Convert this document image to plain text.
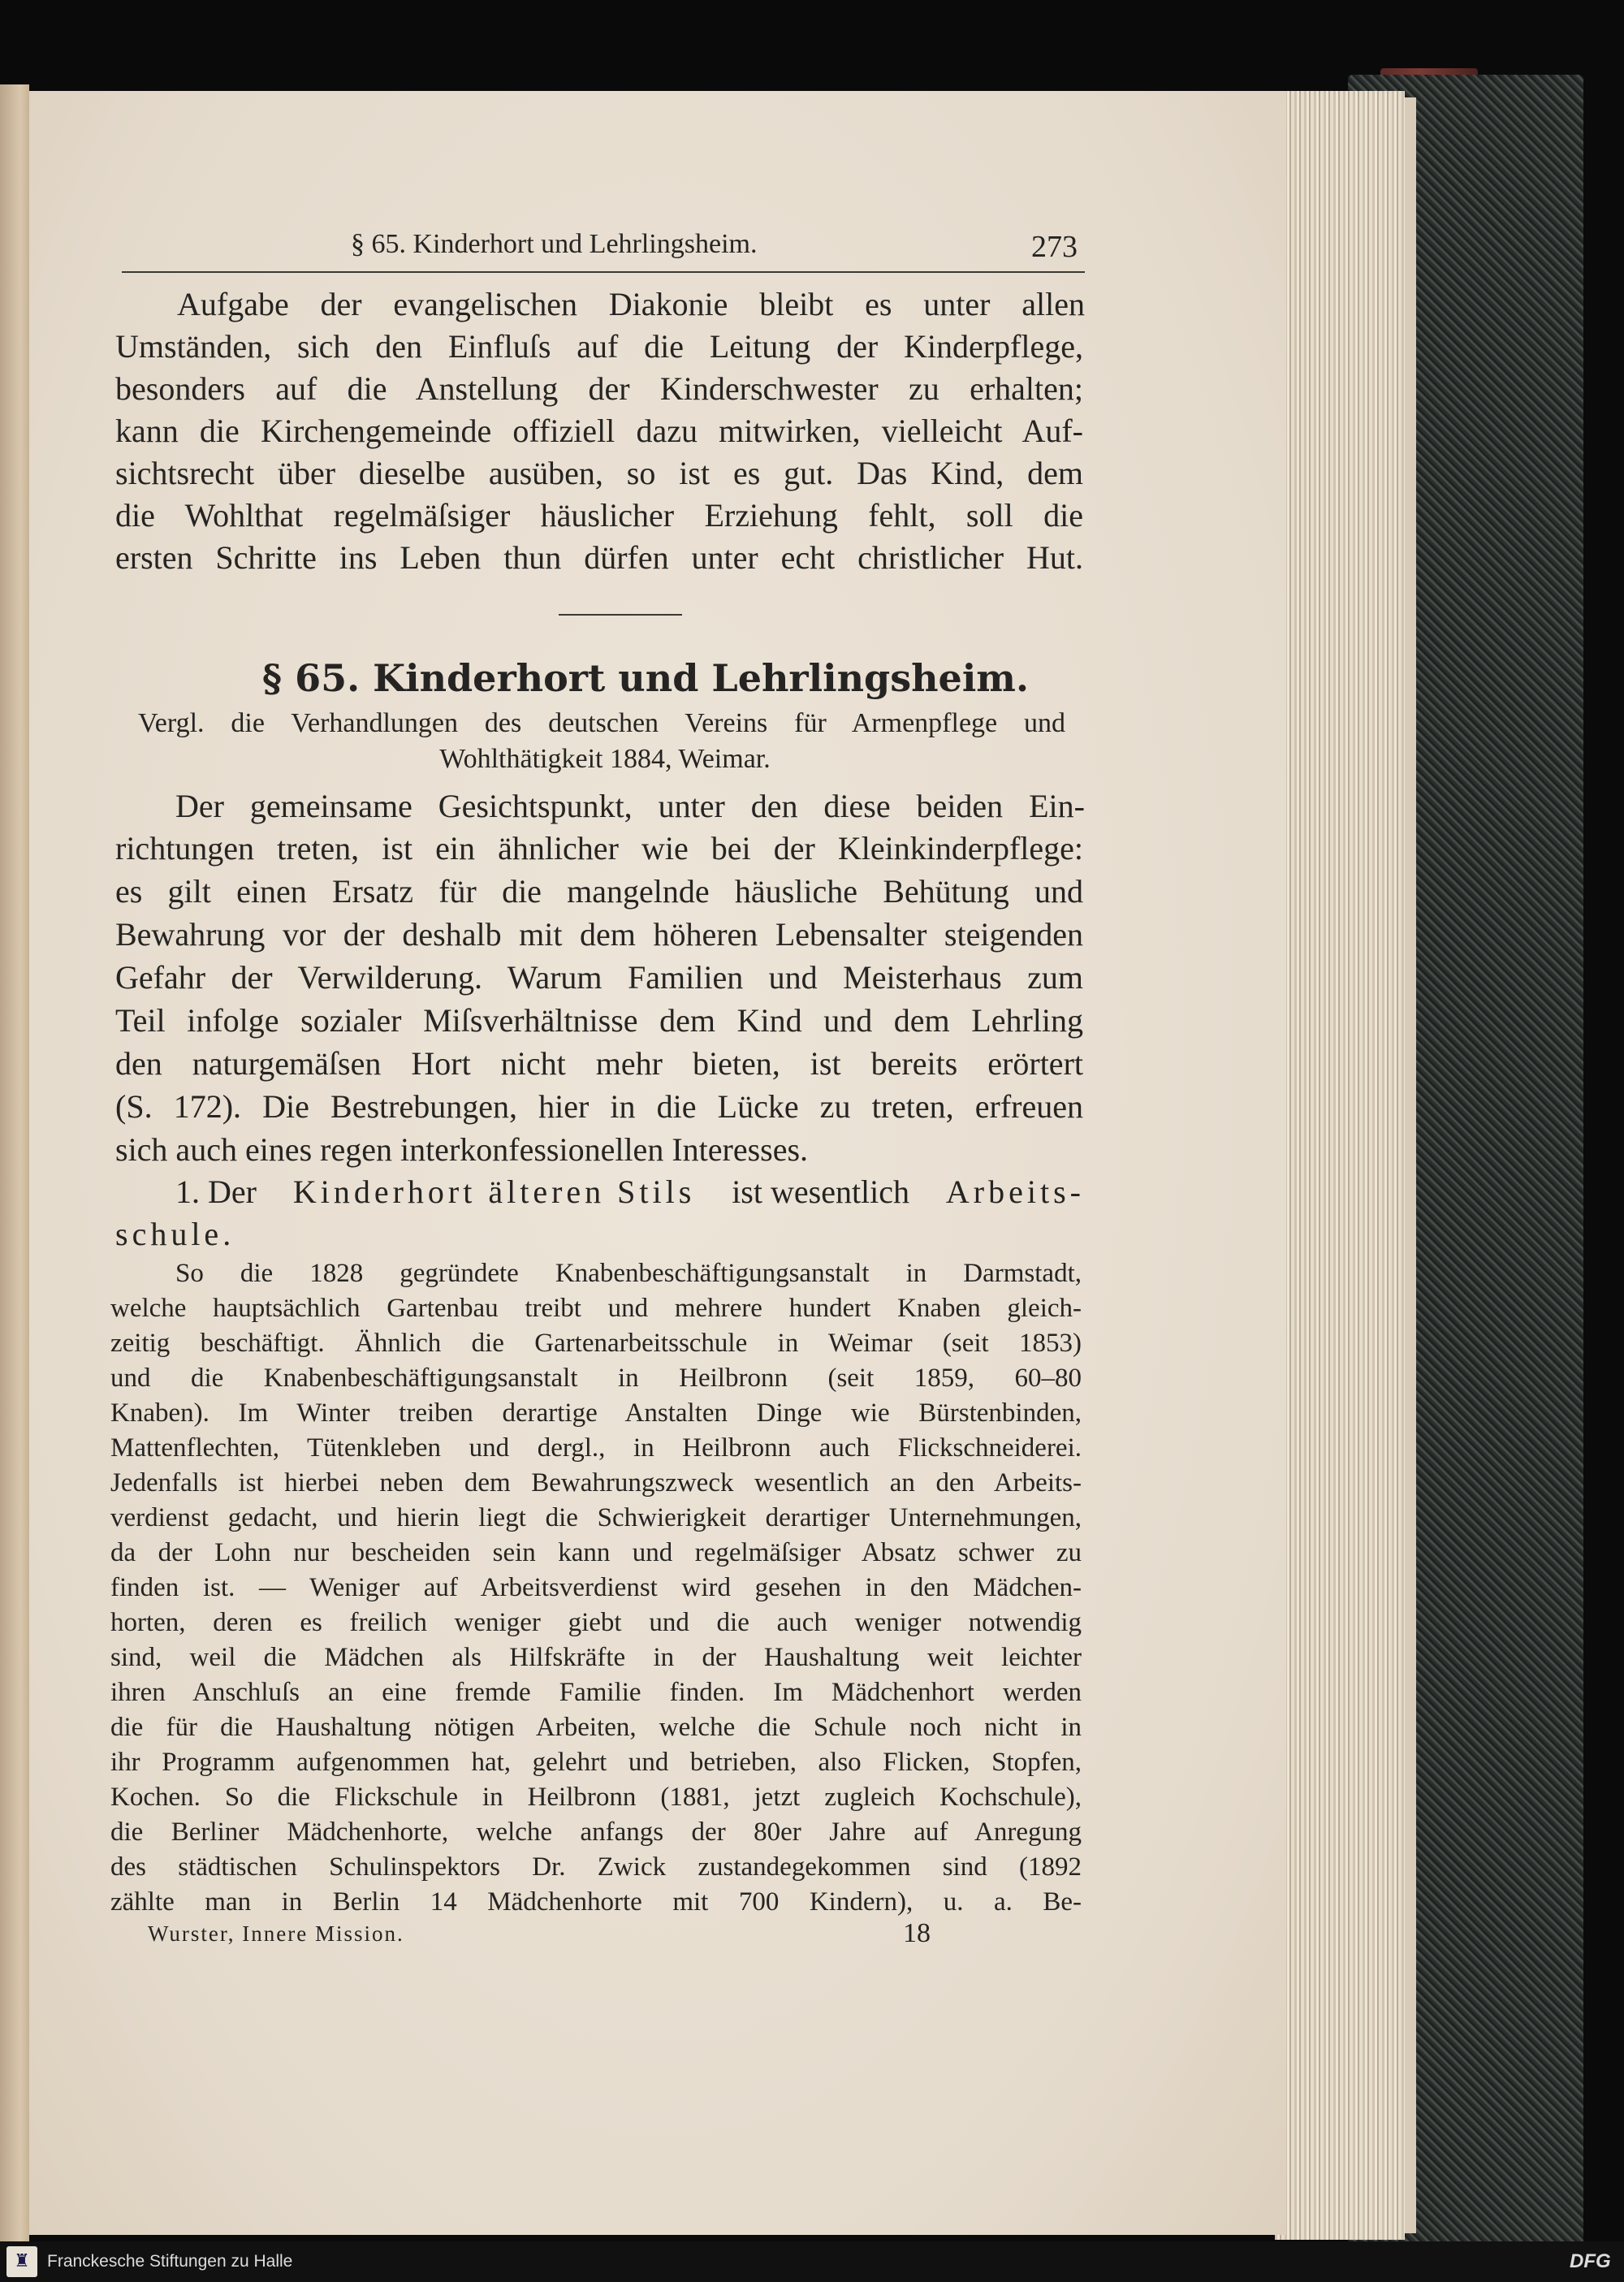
§ 65. Kinderhort und Lehrlingsheim.	273
Aufgabe der evangelischen Diakonie bleibt es unter allen
Umständen, sich den Einfluſs auf die Leitung der Kinderpflege,
besonders auf die Anstellung der Kinderschwester zu erhalten;
kann die Kirchengemeinde offiziell dazu mitwirken, vielleicht Auf-
sichtsrecht über dieselbe ausüben, so ist es gut. Das Kind, dem
die Wohlthat regelmäſsiger häuslicher Erziehung fehlt, soll die
ersten Schritte ins Leben thun dürfen unter echt christlicher Hut.
§ 65. Kinderhort und Lehrlingsheim.
Vergl. die Verhandlungen des deutschen Vereins für Armenpflege und
Wohlthätigkeit 1884, Weimar.
Der gemeinsame Gesichtspunkt, unter den diese beiden Ein-
richtungen treten, ist ein ähnlicher wie bei der Kleinkinderpflege:
es gilt einen Ersatz für die mangelnde häusliche Behütung und
Bewahrung vor der deshalb mit dem höheren Lebensalter steigenden
Gefahr der Verwilderung. Warum Familien und Meisterhaus zum
Teil infolge sozialer Miſsverhältnisse dem Kind und dem Lehrling
den naturgemäſsen Hort nicht mehr bieten, ist bereits erörtert
(S. 172). Die Bestrebungen, hier in die Lücke zu treten, erfreuen
sich auch eines regen interkonfessionellen Interesses.
1. Der Kinderhort älteren Stils ist wesentlich Arbeits-
schule.
So die 1828 gegründete Knabenbeschäftigungsanstalt in Darmstadt,
welche hauptsächlich Gartenbau treibt und mehrere hundert Knaben gleich-
zeitig beschäftigt. Ähnlich die Gartenarbeitsschule in Weimar (seit 1853)
und die Knabenbeschäftigungsanstalt in Heilbronn (seit 1859, 60–80
Knaben). Im Winter treiben derartige Anstalten Dinge wie Bürstenbinden,
Mattenflechten, Tütenkleben und dergl., in Heilbronn auch Flickschneiderei.
Jedenfalls ist hierbei neben dem Bewahrungszweck wesentlich an den Arbeits-
verdienst gedacht, und hierin liegt die Schwierigkeit derartiger Unternehmungen,
da der Lohn nur bescheiden sein kann und regelmäſsiger Absatz schwer zu
finden ist. — Weniger auf Arbeitsverdienst wird gesehen in den Mädchen-
horten, deren es freilich weniger giebt und die auch weniger notwendig
sind, weil die Mädchen als Hilfskräfte in der Haushaltung weit leichter
ihren Anschluſs an eine fremde Familie finden. Im Mädchenhort werden
die für die Haushaltung nötigen Arbeiten, welche die Schule noch nicht in
ihr Programm aufgenommen hat, gelehrt und betrieben, also Flicken, Stopfen,
Kochen. So die Flickschule in Heilbronn (1881, jetzt zugleich Kochschule),
die Berliner Mädchenhorte, welche anfangs der 80er Jahre auf Anregung
des städtischen Schulinspektors Dr. Zwick zustandegekommen sind (1892
zählte man in Berlin 14 Mädchenhorte mit 700 Kindern), u. a. Be-
Wurster, Innere Mission.	18
♜	Franckesche Stiftungen zu Halle	DFG
